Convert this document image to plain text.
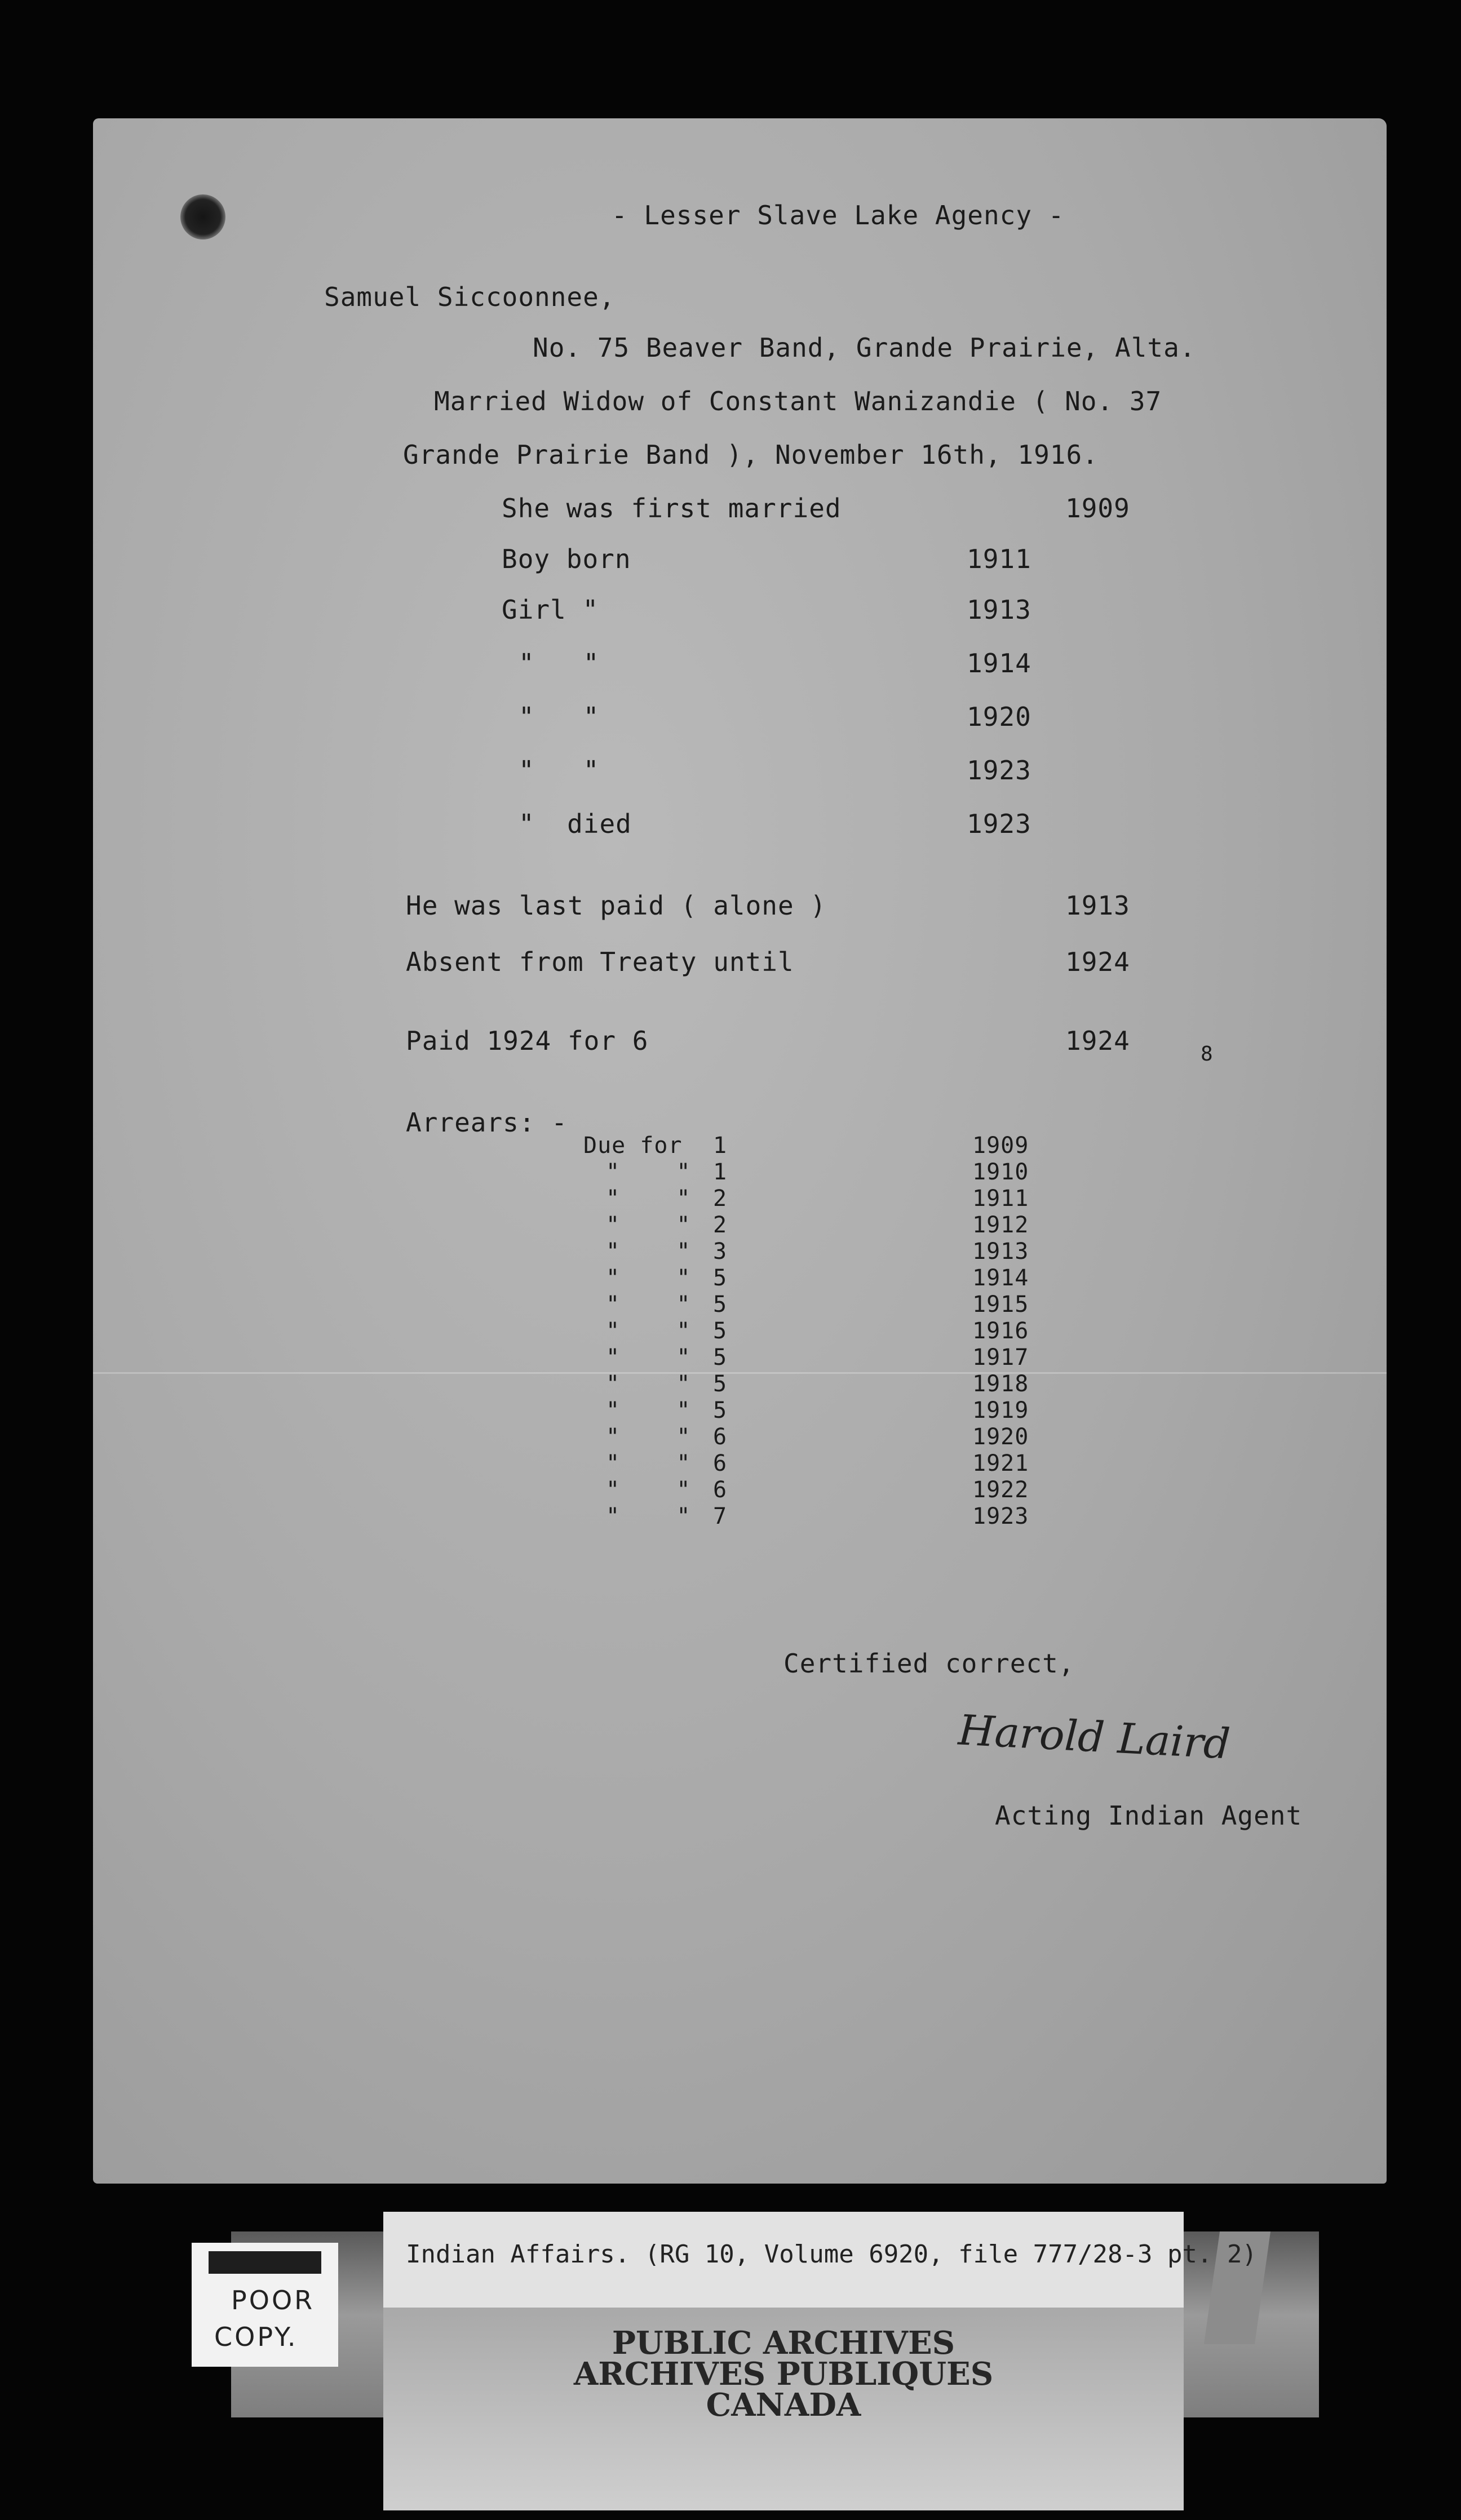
- Lesser Slave Lake Agency -
Samuel Siccoonnee,
No. 75 Beaver Band, Grande Prairie, Alta.
Married Widow of Constant Wanizandie ( No. 37
Grande Prairie Band ), November 16th, 1916.
She was first married	1909
Boy born	1911
Girl "	1913
"   "	1914
"   "	1920
"   "	1923
"  died	1923
He was last paid ( alone )	1913
Absent from Treaty until	1924
Paid 1924 for 6	1924	8
Arrears: -
Due for 1	1909
"    " 1	1910
"    " 2	1911
"    " 2	1912
"    " 3	1913
"    " 5	1914
"    " 5	1915
"    " 5	1916
"    " 5	1917
"    " 5	1918
"    " 5	1919
"    " 6	1920
"    " 6	1921
"    " 6	1922
"    " 7	1923
Certified correct,
Harold Laird
Acting Indian Agent
Indian Affairs. (RG 10, Volume 6920, file 777/28-3 pt. 2)
PUBLIC ARCHIVES
ARCHIVES PUBLIQUES
CANADA
POOR
COPY.
